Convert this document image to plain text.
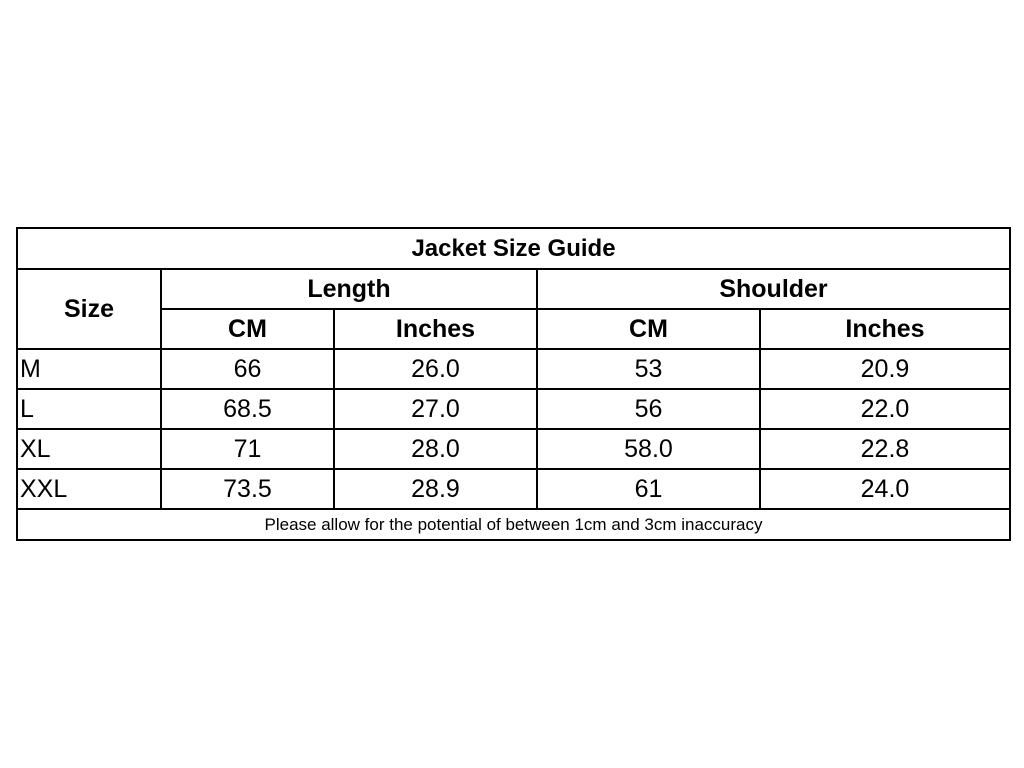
Jacket Size Guide				
Size	Length		Shoulder	
	CM	Inches	CM	Inches
M	66	26.0	53	20.9
L	68.5	27.0	56	22.0
XL	71	28.0	58.0	22.8
XXL	73.5	28.9	61	24.0
Please allow for the potential of between 1cm and 3cm inaccuracy				
